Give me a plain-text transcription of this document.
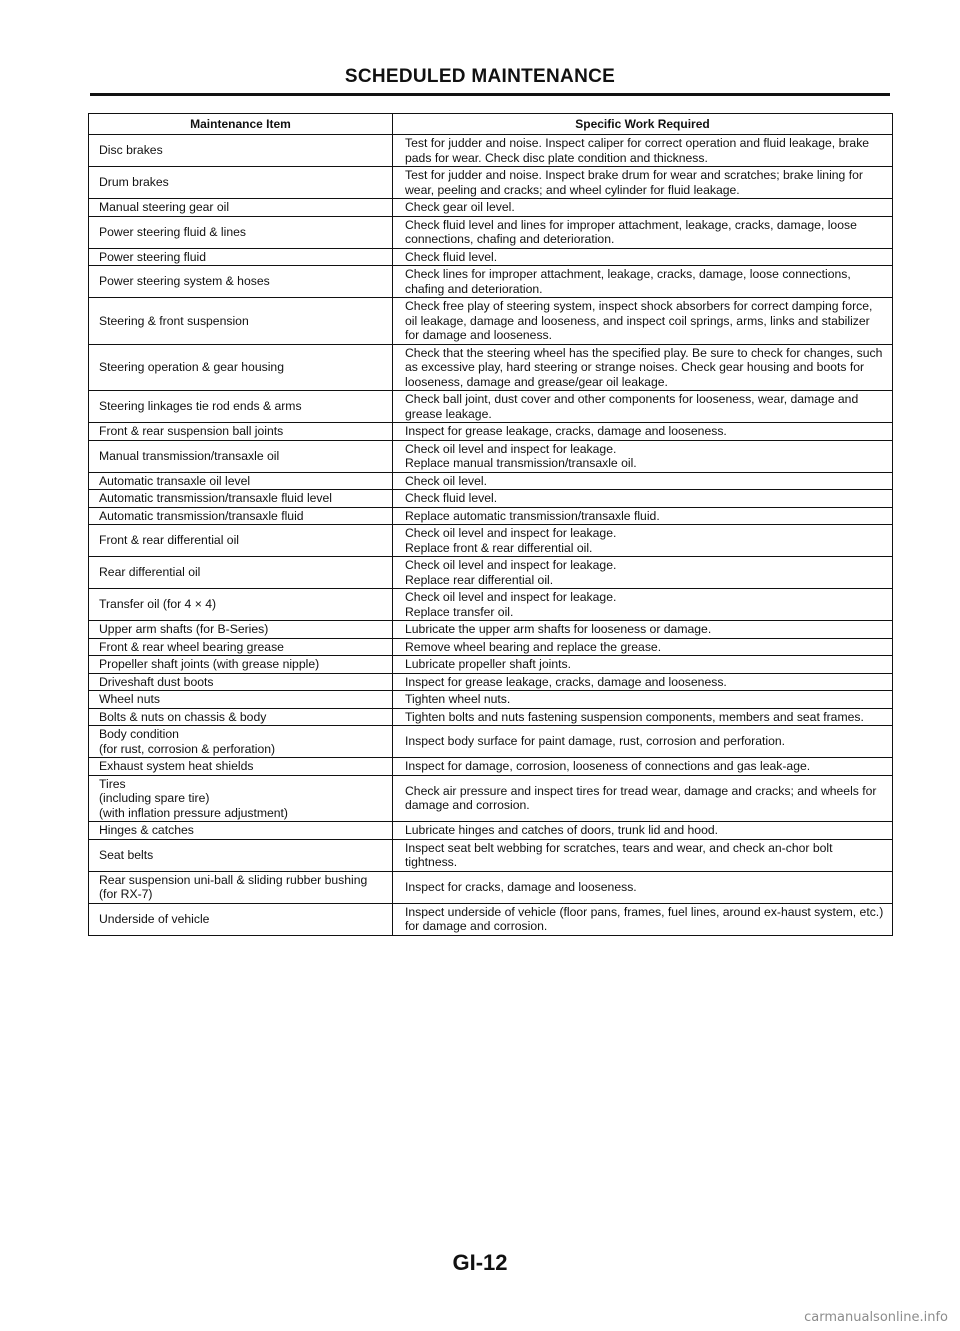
SCHEDULED MAINTENANCE
Maintenance Item	Specific Work Required
Disc brakes	Test for judder and noise. Inspect caliper for correct operation and fluid leakage, brake pads for wear. Check disc plate condition and thickness.
Drum brakes	Test for judder and noise. Inspect brake drum for wear and scratches; brake lining for wear, peeling and cracks; and wheel cylinder for fluid leakage.
Manual steering gear oil	Check gear oil level.
Power steering fluid & lines	Check fluid level and lines for improper attachment, leakage, cracks, damage, loose connections, chafing and deterioration.
Power steering fluid	Check fluid level.
Power steering system & hoses	Check lines for improper attachment, leakage, cracks, damage, loose connections, chafing and deterioration.
Steering & front suspension	Check free play of steering system, inspect shock absorbers for correct damping force, oil leakage, damage and looseness, and inspect coil springs, arms, links and stabilizer for damage and looseness.
Steering operation & gear housing	Check that the steering wheel has the specified play. Be sure to check for changes, such as excessive play, hard steering or strange noises. Check gear housing and boots for looseness, damage and grease/gear oil leakage.
Steering linkages tie rod ends & arms	Check ball joint, dust cover and other components for looseness, wear, damage and grease leakage.
Front & rear suspension ball joints	Inspect for grease leakage, cracks, damage and looseness.
Manual transmission/transaxle oil	Check oil level and inspect for leakage.
Replace manual transmission/transaxle oil.
Automatic transaxle oil level	Check oil level.
Automatic transmission/transaxle fluid level	Check fluid level.
Automatic transmission/transaxle fluid	Replace automatic transmission/transaxle fluid.
Front & rear differential oil	Check oil level and inspect for leakage.
Replace front & rear differential oil.
Rear differential oil	Check oil level and inspect for leakage.
Replace rear differential oil.
Transfer oil (for 4 × 4)	Check oil level and inspect for leakage.
Replace transfer oil.
Upper arm shafts (for B-Series)	Lubricate the upper arm shafts for looseness or damage.
Front & rear wheel bearing grease	Remove wheel bearing and replace the grease.
Propeller shaft joints (with grease nipple)	Lubricate propeller shaft joints.
Driveshaft dust boots	Inspect for grease leakage, cracks, damage and looseness.
Wheel nuts	Tighten wheel nuts.
Bolts & nuts on chassis & body	Tighten bolts and nuts fastening suspension components, members and seat frames.
Body condition
(for rust, corrosion & perforation)	Inspect body surface for paint damage, rust, corrosion and perforation.
Exhaust system heat shields	Inspect for damage, corrosion, looseness of connections and gas leak-age.
Tires
(including spare tire)
(with inflation pressure adjustment)	Check air pressure and inspect tires for tread wear, damage and cracks; and wheels for damage and corrosion.
Hinges & catches	Lubricate hinges and catches of doors, trunk lid and hood.
Seat belts	Inspect seat belt webbing for scratches, tears and wear, and check an-chor bolt tightness.
Rear suspension uni-ball & sliding rubber bushing (for RX-7)	Inspect for cracks, damage and looseness.
Underside of vehicle	Inspect underside of vehicle (floor pans, frames, fuel lines, around ex-haust system, etc.) for damage and corrosion.
GI-12
carmanualsonline.info
